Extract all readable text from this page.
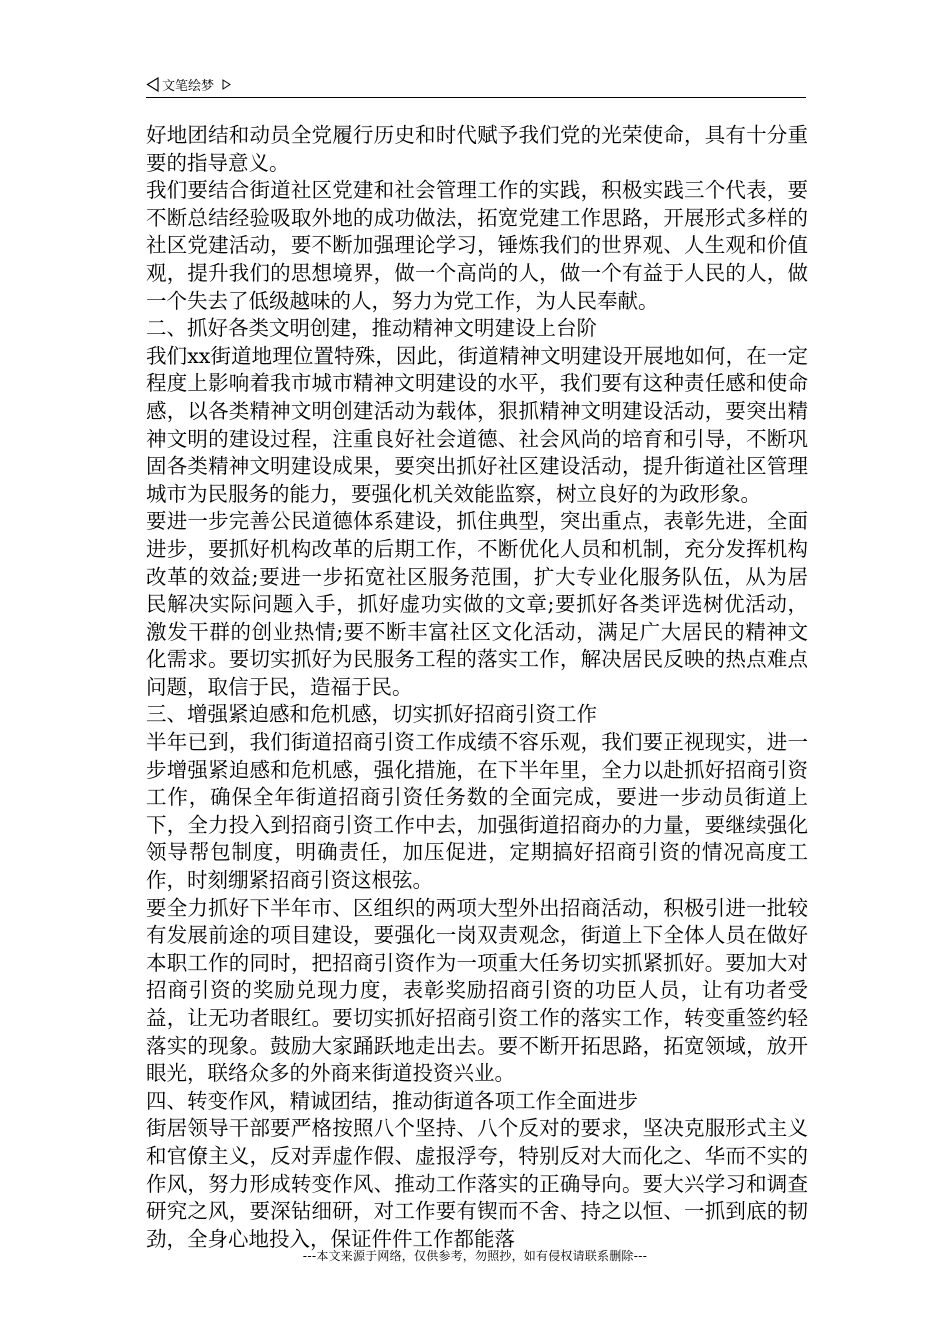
文笔绘梦

好地团结和动员全党履行历史和时代赋予我们党的光荣使命，具有十分重要的指导意义。

我们要结合街道社区党建和社会管理工作的实践，积极实践三个代表，要不断总结经验吸取外地的成功做法，拓宽党建工作思路，开展形式多样的社区党建活动，要不断加强理论学习，锤炼我们的世界观、人生观和价值观，提升我们的思想境界，做一个高尚的人，做一个有益于人民的人，做一个失去了低级越味的人，努力为党工作，为人民奉献。

二、抓好各类文明创建，推动精神文明建设上台阶

我们xx街道地理位置特殊，因此，街道精神文明建设开展地如何，在一定程度上影响着我市城市精神文明建设的水平，我们要有这种责任感和使命感，以各类精神文明创建活动为载体，狠抓精神文明建设活动，要突出精神文明的建设过程，注重良好社会道德、社会风尚的培育和引导，不断巩固各类精神文明建设成果，要突出抓好社区建设活动，提升街道社区管理城市为民服务的能力，要强化机关效能监察，树立良好的为政形象。

要进一步完善公民道德体系建设，抓住典型，突出重点，表彰先进，全面进步，要抓好机构改革的后期工作，不断优化人员和机制，充分发挥机构改革的效益;要进一步拓宽社区服务范围，扩大专业化服务队伍，从为居民解决实际问题入手，抓好虚功实做的文章;要抓好各类评选树优活动，激发干群的创业热情;要不断丰富社区文化活动，满足广大居民的精神文化需求。要切实抓好为民服务工程的落实工作，解决居民反映的热点难点问题，取信于民，造福于民。

三、增强紧迫感和危机感，切实抓好招商引资工作

半年已到，我们街道招商引资工作成绩不容乐观，我们要正视现实，进一步增强紧迫感和危机感，强化措施，在下半年里，全力以赴抓好招商引资工作，确保全年街道招商引资任务数的全面完成，要进一步动员街道上下，全力投入到招商引资工作中去，加强街道招商办的力量，要继续强化领导帮包制度，明确责任，加压促进，定期搞好招商引资的情况高度工作，时刻绷紧招商引资这根弦。

要全力抓好下半年市、区组织的两项大型外出招商活动，积极引进一批较有发展前途的项目建设，要强化一岗双责观念，街道上下全体人员在做好本职工作的同时，把招商引资作为一项重大任务切实抓紧抓好。要加大对招商引资的奖励兑现力度，表彰奖励招商引资的功臣人员，让有功者受益，让无功者眼红。要切实抓好招商引资工作的落实工作，转变重签约轻落实的现象。鼓励大家踊跃地走出去。要不断开拓思路，拓宽领域，放开眼光，联络众多的外商来街道投资兴业。

四、转变作风，精诚团结，推动街道各项工作全面进步

街居领导干部要严格按照八个坚持、八个反对的要求，坚决克服形式主义和官僚主义，反对弄虚作假、虚报浮夸，特别反对大而化之、华而不实的作风，努力形成转变作风、推动工作落实的正确导向。要大兴学习和调查研究之风，要深钻细研，对工作要有锲而不舍、持之以恒、一抓到底的韧劲，全身心地投入，保证件件工作都能落

---本文来源于网络，仅供参考，勿照抄，如有侵权请联系删除---
